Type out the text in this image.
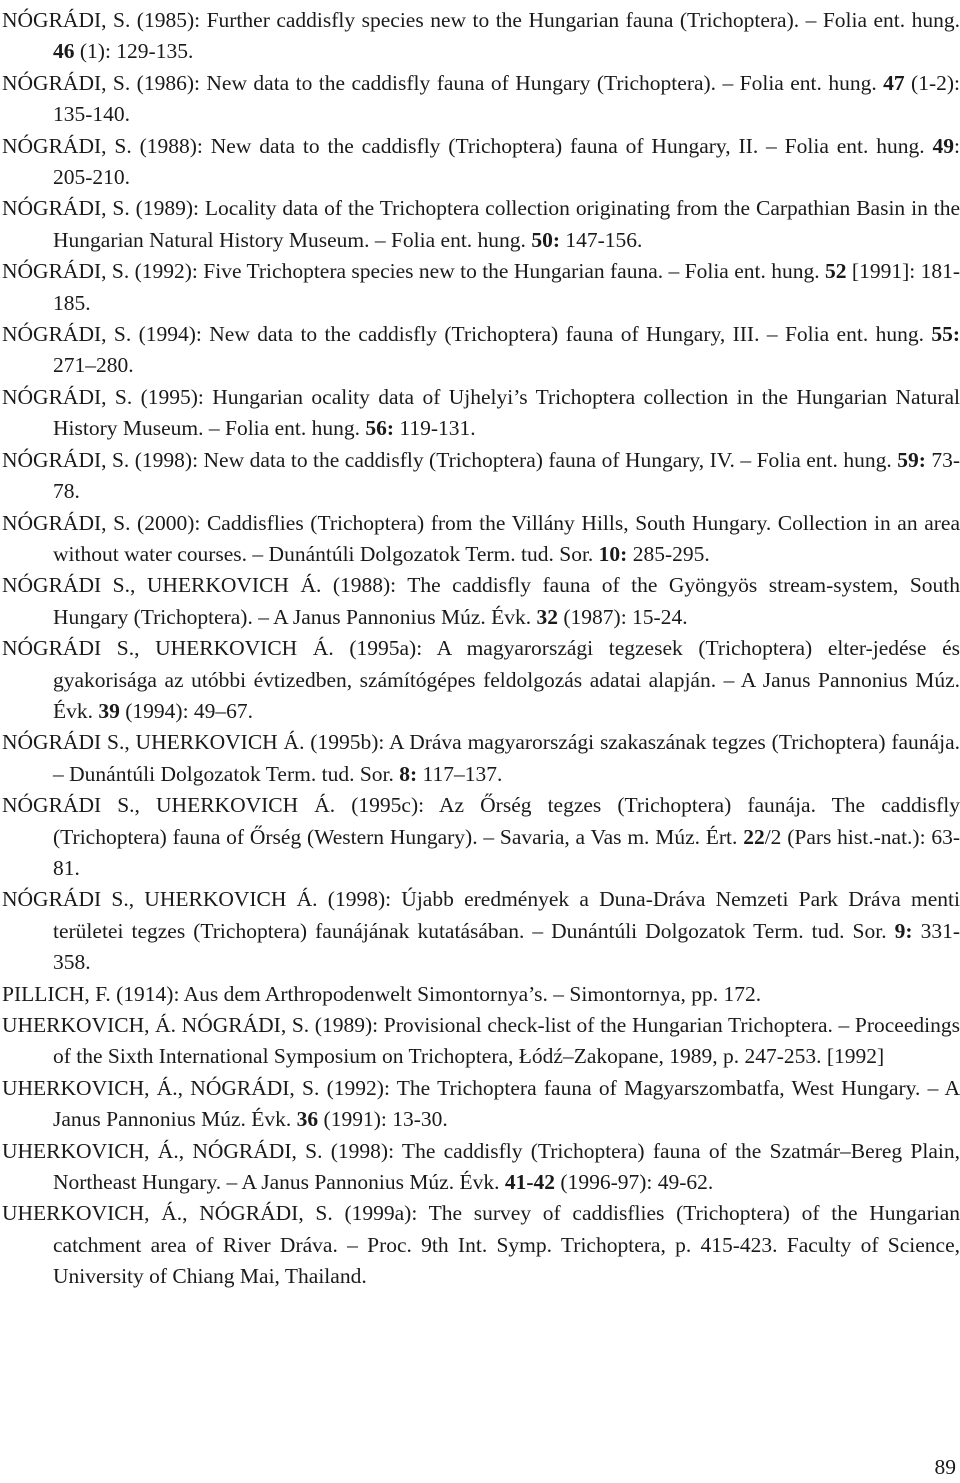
NÓGRÁDI, S. (1985): Further caddisfly species new to the Hungarian fauna (Trichoptera). – Folia ent. hung. 46 (1): 129-135.
NÓGRÁDI, S. (1986): New data to the caddisfly fauna of Hungary (Trichoptera). – Folia ent. hung. 47 (1-2): 135-140.
NÓGRÁDI, S. (1988): New data to the caddisfly (Trichoptera) fauna of Hungary, II. – Folia ent. hung. 49: 205-210.
NÓGRÁDI, S. (1989): Locality data of the Trichoptera collection originating from the Carpathian Basin in the Hungarian Natural History Museum. – Folia ent. hung. 50: 147-156.
NÓGRÁDI, S. (1992): Five Trichoptera species new to the Hungarian fauna. – Folia ent. hung. 52 [1991]: 181-185.
NÓGRÁDI, S. (1994): New data to the caddisfly (Trichoptera) fauna of Hungary, III. – Folia ent. hung. 55: 271–280.
NÓGRÁDI, S. (1995): Hungarian ocality data of Ujhelyi’s Trichoptera collection in the Hungarian Natural History Museum. – Folia ent. hung. 56: 119-131.
NÓGRÁDI, S. (1998): New data to the caddisfly (Trichoptera) fauna of Hungary, IV. – Folia ent. hung. 59: 73-78.
NÓGRÁDI, S. (2000): Caddisflies (Trichoptera) from the Villány Hills, South Hungary. Collection in an area without water courses. – Dunántúli Dolgozatok Term. tud. Sor. 10: 285-295.
NÓGRÁDI S., UHERKOVICH Á. (1988): The caddisfly fauna of the Gyöngyös stream-system, South Hungary (Trichoptera). – A Janus Pannonius Múz. Évk. 32 (1987): 15-24.
NÓGRÁDI S., UHERKOVICH Á. (1995a): A magyarországi tegzesek (Trichoptera) elter-jedése és gyakorisága az utóbbi évtizedben, számítógépes feldolgozás adatai alapján. – A Janus Pannonius Múz. Évk. 39 (1994): 49–67.
NÓGRÁDI S., UHERKOVICH Á. (1995b): A Dráva magyarországi szakaszának tegzes (Trichoptera) faunája. – Dunántúli Dolgozatok Term. tud. Sor. 8: 117–137.
NÓGRÁDI S., UHERKOVICH Á. (1995c): Az Őrség tegzes (Trichoptera) faunája. The caddisfly (Trichoptera) fauna of Őrség (Western Hungary). – Savaria, a Vas m. Múz. Ért. 22/2 (Pars hist.-nat.): 63-81.
NÓGRÁDI S., UHERKOVICH Á. (1998): Újabb eredmények a Duna-Dráva Nemzeti Park Dráva menti területei tegzes (Trichoptera) faunájának kutatásában. – Dunántúli Dolgozatok Term. tud. Sor. 9: 331-358.
PILLICH, F. (1914): Aus dem Arthropodenwelt Simontornya’s. – Simontornya, pp. 172.
UHERKOVICH, Á. NÓGRÁDI, S. (1989): Provisional check-list of the Hungarian Trichoptera. – Proceedings of the Sixth International Symposium on Trichoptera, Łódź–Zakopane, 1989, p. 247-253. [1992]
UHERKOVICH, Á., NÓGRÁDI, S. (1992): The Trichoptera fauna of Magyarszombatfa, West Hungary. – A Janus Pannonius Múz. Évk. 36 (1991): 13-30.
UHERKOVICH, Á., NÓGRÁDI, S. (1998): The caddisfly (Trichoptera) fauna of the Szatmár–Bereg Plain, Northeast Hungary. – A Janus Pannonius Múz. Évk. 41-42 (1996-97): 49-62.
UHERKOVICH, Á., NÓGRÁDI, S. (1999a): The survey of caddisflies (Trichoptera) of the Hungarian catchment area of River Dráva. – Proc. 9th Int. Symp. Trichoptera, p. 415-423. Faculty of Science, University of Chiang Mai, Thailand.
89
